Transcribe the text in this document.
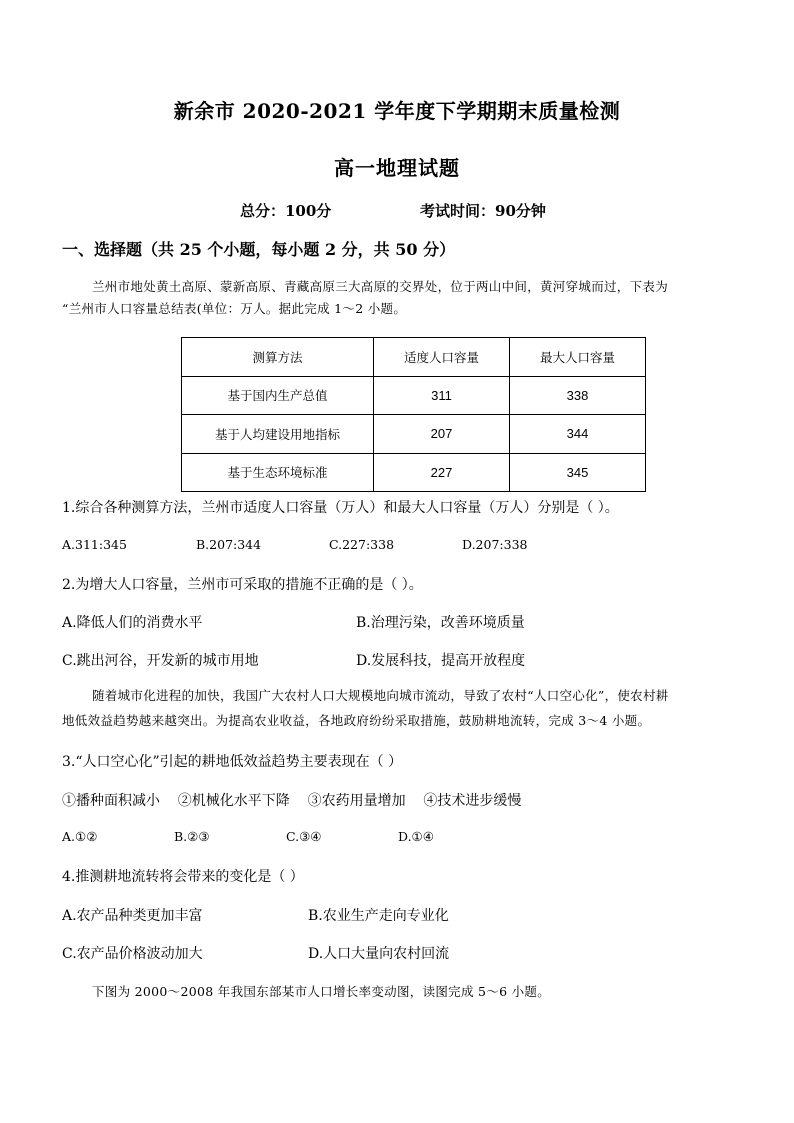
新余市 2020-2021 学年度下学期期末质量检测
高一地理试题
总分：100分	考试时间：90分钟
一、选择题（共 25 个小题，每小题 2 分，共 50 分）
兰州市地处黄土高原、蒙新高原、青藏高原三大高原的交界处，位于两山中间，黄河穿城而过，下表为
“兰州市人口容量总结表(单位：万人。据此完成 1～2 小题。
测算方法	适度人口容量	最大人口容量
基于国内生产总值	311	338
基于人均建设用地指标	207	344
基于生态环境标准	227	345
1.综合各种测算方法，兰州市适度人口容量（万人）和最大人口容量（万人）分别是（ ）。
A.311:345	B.207:344	C.227:338	D.207:338
2.为增大人口容量，兰州市可采取的措施不正确的是（ ）。
A.降低人们的消费水平	B.治理污染，改善环境质量
C.跳出河谷，开发新的城市用地	D.发展科技，提高开放程度
随着城市化进程的加快，我国广大农村人口大规模地向城市流动，导致了农村“人口空心化”，使农村耕
地低效益趋势越来越突出。为提高农业收益，各地政府纷纷采取措施，鼓励耕地流转，完成 3～4 小题。
3.“人口空心化”引起的耕地低效益趋势主要表现在（ ）
①播种面积减小    ②机械化水平下降    ③农药用量增加    ④技术进步缓慢
A.①②	B.②③	C.③④	D.①④
4.推测耕地流转将会带来的变化是（ ）
A.农产品种类更加丰富	B.农业生产走向专业化
C.农产品价格波动加大	D.人口大量向农村回流
下图为 2000～2008 年我国东部某市人口增长率变动图，读图完成 5～6 小题。
